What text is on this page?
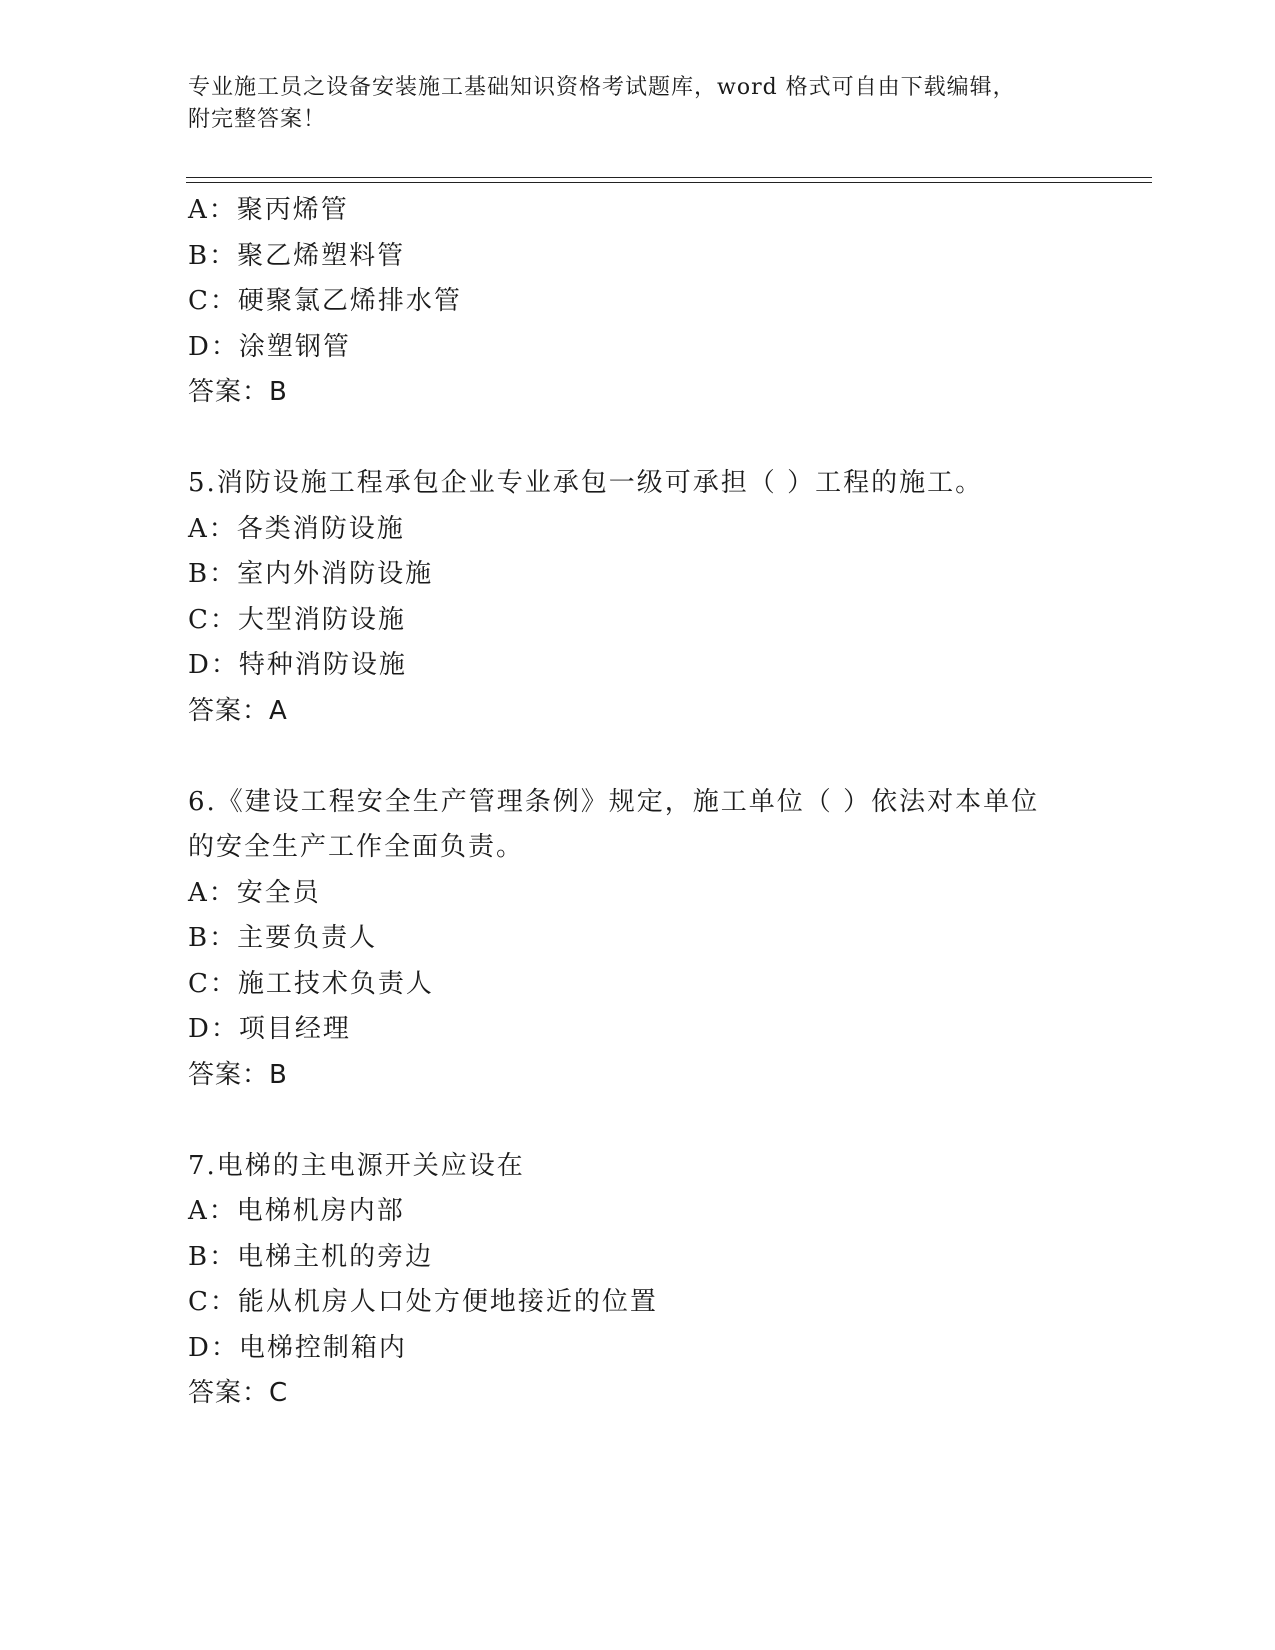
专业施工员之设备安装施工基础知识资格考试题库，word 格式可自由下载编辑，
附完整答案！
A：聚丙烯管
B：聚乙烯塑料管
C：硬聚氯乙烯排水管
D：涂塑钢管
答案：B
5.消防设施工程承包企业专业承包一级可承担（ ）工程的施工。
A：各类消防设施
B：室内外消防设施
C：大型消防设施
D：特种消防设施
答案：A
6.《建设工程安全生产管理条例》规定，施工单位（ ）依法对本单位
的安全生产工作全面负责。
A：安全员
B：主要负责人
C：施工技术负责人
D：项目经理
答案：B
7.电梯的主电源开关应设在
A：电梯机房内部
B：电梯主机的旁边
C：能从机房人口处方便地接近的位置
D：电梯控制箱内
答案：C
